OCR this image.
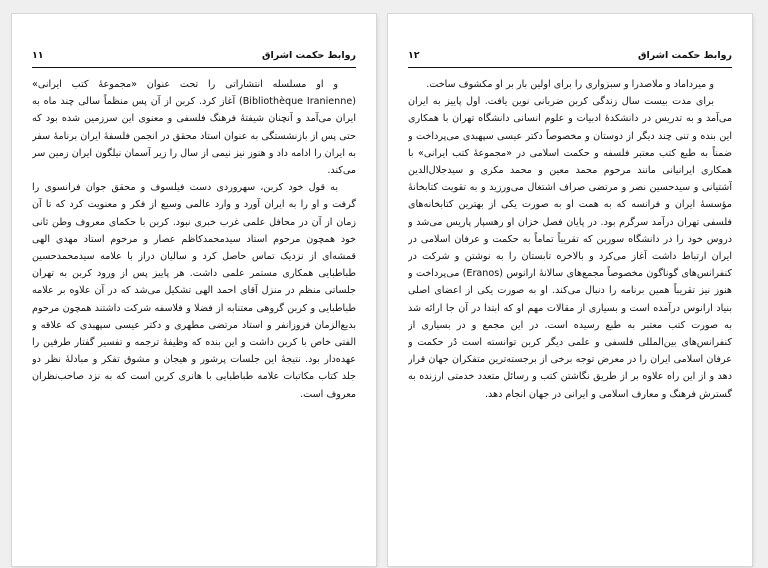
روابط حکمت اشراق
۱۱

و او مسلسله انتشاراتی را تحت عنوان «مجموعهٔ کتب ایرانی» (Bibliothèque Iranienne) آغاز کرد. کربن از آن پس منظماً سالی چند ماه به ایران می‌آمد و آنچنان شیفتهٔ فرهنگ فلسفی و معنوی این سرزمین شده بود که حتی پس از بازنشستگی به عنوان استاد محقق در انجمن فلسفهٔ ایران برنامهٔ سفر به ایران را ادامه داد و هنوز نیز نیمی از سال را زیر آسمان نیلگون ایران زمین سر می‌کند.

به قول خود کربن، سهروردی دست فیلسوف و محقق جوان فرانسوی را گرفت و او را به ایران آورد و وارد عالمی وسیع از فکر و معنویت کرد که تا آن زمان از آن در محافل علمی غرب خبری نبود. کربن با حکمای معروف وطن ثانی خود همچون مرحوم استاد سیدمحمدکاظم عصار و مرحوم استاد مهدی الهی قمشه‌ای از نزدیک تماس حاصل کرد و سالیان دراز با علامه سیدمحمدحسین طباطبایی همکاری مستمر علمی داشت. هر پاییز پس از ورود کربن به تهران جلساتی منظم در منزل آقای احمد الهی تشکیل می‌شد که در آن علاوه بر علامه طباطبایی و کربن گروهی معتنابه از فضلا و فلاسفه شرکت داشتند همچون مرحوم بدیع‌الزمان فروزانفر و استاد مرتضی مطهری و دکتر عیسی سپهبدی که علاقه و الفتی خاص با کربن داشت و این بنده که وظیفهٔ ترجمه و تفسیر گفتار طرفین را عهده‌دار بود. نتیجهٔ این جلسات پرشور و هیجان و مشوق تفکر و مبادلهٔ نظر دو جلد کتاب مکاتبات علامه طباطبایی با هانری کربن است که به نزد صاحب‌نظران معروف است.

روابط حکمت اشراق
۱۲

و میرداماد و ملاصدرا و سبزواری را برای اولین بار بر او مکشوف ساخت.

برای مدت بیست سال زندگی کربن ضربانی نوین یافت. اول پاییز به ایران می‌آمد و به تدریس در دانشکدهٔ ادبیات و علوم انسانی دانشگاه تهران با همکاری این بنده و تنی چند دیگر از دوستان و مخصوصاً دکتر عیسی سپهبدی می‌پرداخت و ضمناً به طبع کتب معتبر فلسفه و حکمت اسلامی در «مجموعهٔ کتب ایرانی» با همکاری ایرانیانی مانند مرحوم محمد معین و محمد مکری و سیدجلال‌الدین آشتیانی و سیدحسین نصر و مرتضی صراف اشتغال می‌ورزید و به تقویت کتابخانهٔ مؤسسهٔ ایران و فرانسه که به همت او به صورت یکی از بهترین کتابخانه‌های فلسفی تهران درآمد سرگرم بود. در پایان فصل خزان او رهسپار پاریس می‌شد و دروس خود را در دانشگاه سوربن که تقریباً تماماً به حکمت و عرفان اسلامی در ایران ارتباط داشت آغاز می‌کرد و بالاخره تابستان را به نوشتن و شرکت در کنفرانس‌های گوناگون مخصوصاً مجمع‌های سالانهٔ ارانوس (Eranos) می‌پرداخت و هنوز نیز تقریباً همین برنامه را دنبال می‌کند. او به صورت یکی از اعضای اصلی بنیاد ارانوس درآمده است و بسیاری از مقالات مهم او که ابتدا در آن جا ارائه شد به صورت کتب معتبر به طبع رسیده است. در این مجمع و در بسیاری از کنفرانس‌های بین‌المللی فلسفی و علمی دیگر کربن توانسته است دُر حکمت و عرفان اسلامی ایران را در معرض توجه برخی از برجسته‌ترین متفکران جهان قرار دهد و از این راه علاوه بر از طریق نگاشتن کتب و رسائل متعدد خدمتی ارزنده به گسترش فرهنگ و معارف اسلامی و ایرانی در جهان انجام دهد.
